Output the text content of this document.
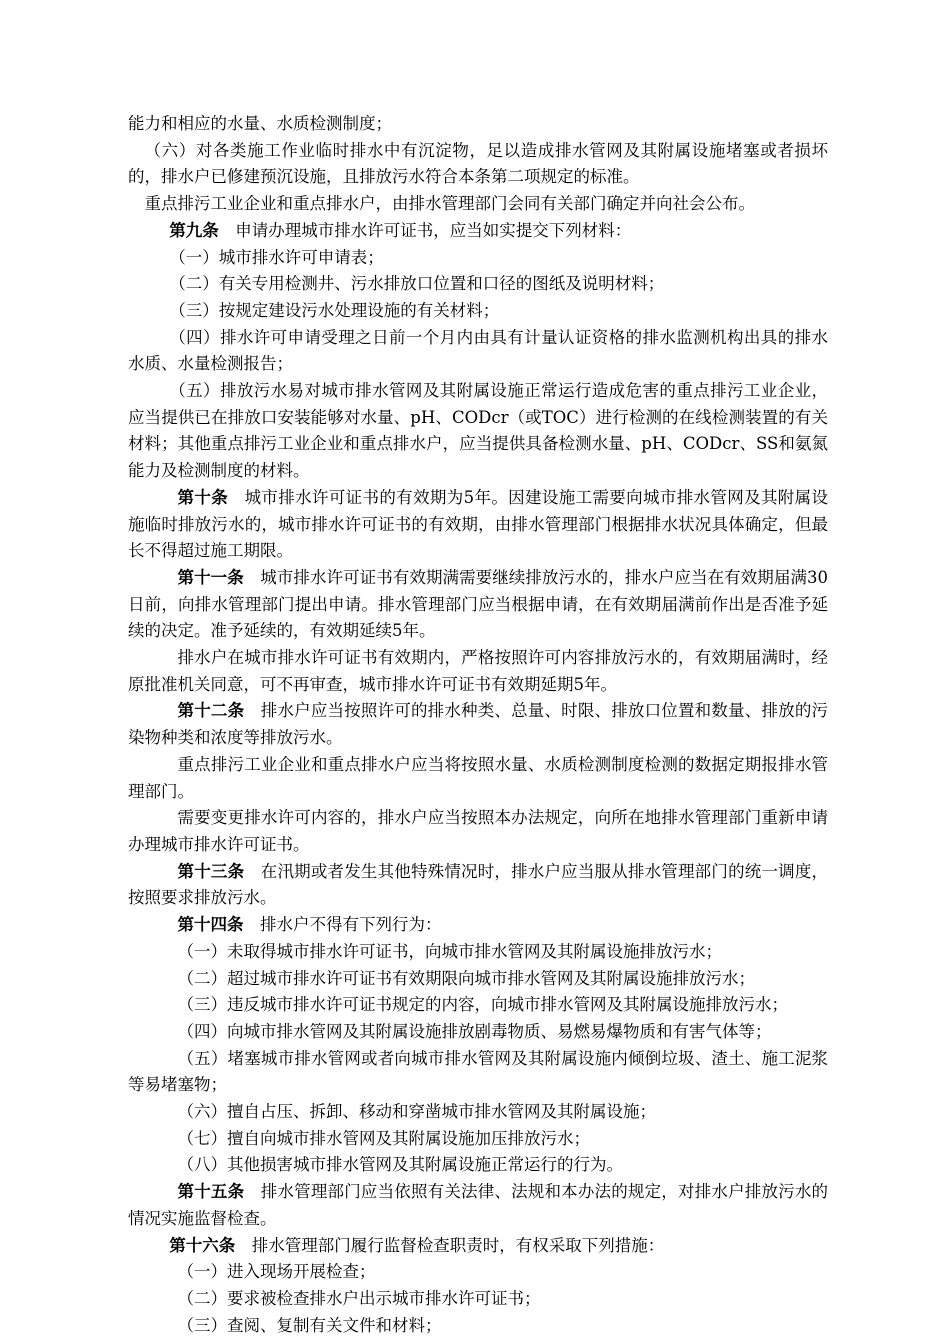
能力和相应的水量、水质检测制度；

（六）对各类施工作业临时排水中有沉淀物，足以造成排水管网及其附属设施堵塞或者损坏的，排水户已修建预沉设施，且排放污水符合本条第二项规定的标准。

重点排污工业企业和重点排水户，由排水管理部门会同有关部门确定并向社会公布。

第九条 申请办理城市排水许可证书，应当如实提交下列材料：

（一）城市排水许可申请表；

（二）有关专用检测井、污水排放口位置和口径的图纸及说明材料；

（三）按规定建设污水处理设施的有关材料；

（四）排水许可申请受理之日前一个月内由具有计量认证资格的排水监测机构出具的排水水质、水量检测报告；

（五）排放污水易对城市排水管网及其附属设施正常运行造成危害的重点排污工业企业，应当提供已在排放口安装能够对水量、pH、CODcr（或TOC）进行检测的在线检测装置的有关材料；其他重点排污工业企业和重点排水户，应当提供具备检测水量、pH、CODcr、SS和氨氮能力及检测制度的材料。

第十条 城市排水许可证书的有效期为5年。因建设施工需要向城市排水管网及其附属设施临时排放污水的，城市排水许可证书的有效期，由排水管理部门根据排水状况具体确定，但最长不得超过施工期限。

第十一条 城市排水许可证书有效期满需要继续排放污水的，排水户应当在有效期届满30日前，向排水管理部门提出申请。排水管理部门应当根据申请，在有效期届满前作出是否准予延续的决定。准予延续的，有效期延续5年。

排水户在城市排水许可证书有效期内，严格按照许可内容排放污水的，有效期届满时，经原批准机关同意，可不再审查，城市排水许可证书有效期延期5年。

第十二条 排水户应当按照许可的排水种类、总量、时限、排放口位置和数量、排放的污染物种类和浓度等排放污水。

重点排污工业企业和重点排水户应当将按照水量、水质检测制度检测的数据定期报排水管理部门。

需要变更排水许可内容的，排水户应当按照本办法规定，向所在地排水管理部门重新申请办理城市排水许可证书。

第十三条 在汛期或者发生其他特殊情况时，排水户应当服从排水管理部门的统一调度，按照要求排放污水。

第十四条 排水户不得有下列行为：

（一）未取得城市排水许可证书，向城市排水管网及其附属设施排放污水；

（二）超过城市排水许可证书有效期限向城市排水管网及其附属设施排放污水；

（三）违反城市排水许可证书规定的内容，向城市排水管网及其附属设施排放污水；

（四）向城市排水管网及其附属设施排放剧毒物质、易燃易爆物质和有害气体等；

（五）堵塞城市排水管网或者向城市排水管网及其附属设施内倾倒垃圾、渣土、施工泥浆等易堵塞物；

（六）擅自占压、拆卸、移动和穿凿城市排水管网及其附属设施；

（七）擅自向城市排水管网及其附属设施加压排放污水；

（八）其他损害城市排水管网及其附属设施正常运行的行为。

第十五条 排水管理部门应当依照有关法律、法规和本办法的规定，对排水户排放污水的情况实施监督检查。

第十六条 排水管理部门履行监督检查职责时，有权采取下列措施：

（一）进入现场开展检查；

（二）要求被检查排水户出示城市排水许可证书；

（三）查阅、复制有关文件和材料；
